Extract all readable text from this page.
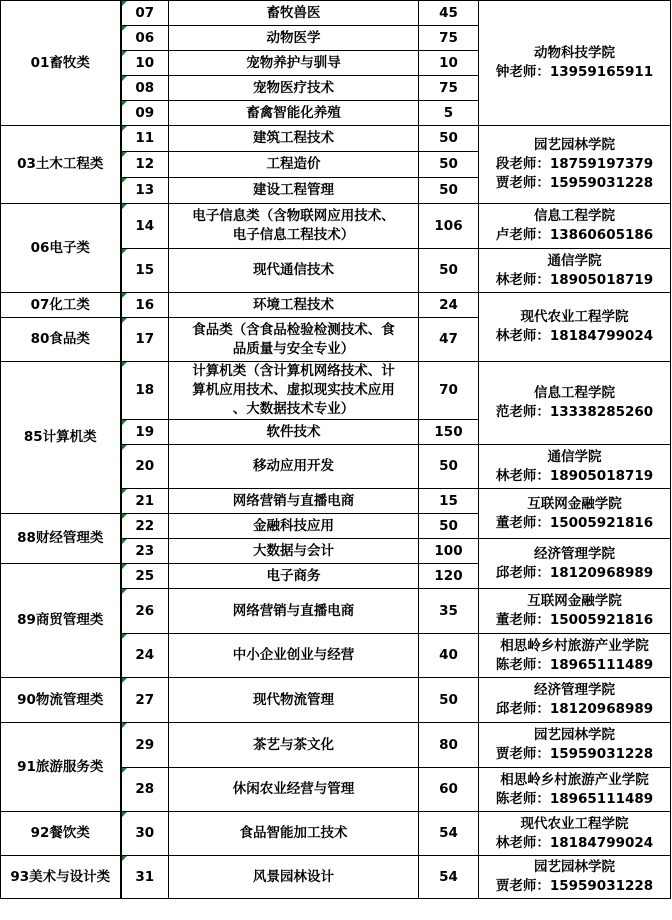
01畜牧类	07	畜牧兽医	45	动物科技学院
钟老师：13959165911

	06	动物医学	75	
	10	宠物养护与驯导	10	
	08	宠物医疗技术	75	
	09	畜禽智能化养殖	5	
03土木工程类	11	建筑工程技术	50	园艺园林学院
段老师：18759197379
贾老师：15959031228

	12	工程造价	50	
	13	建设工程管理	50	
06电子类	14	电子信息类（含物联网应用技术、
电子信息工程技术）	106	信息工程学院
卢老师：13860605186

	15	现代通信技术	50	通信学院
林老师：18905018719

07化工类	16	环境工程技术	24	现代农业工程学院
林老师：18184799024

80食品类	17	食品类（含食品检验检测技术、食
品质量与安全专业）	47	
85计算机类	18	计算机类（含计算机网络技术、计
算机应用技术、虚拟现实技术应用
、大数据技术专业）	70	信息工程学院
范老师：13338285260

	19	软件技术	150	
	20	移动应用开发	50	通信学院
林老师：18905018719

	21	网络营销与直播电商	15	互联网金融学院
董老师：15005921816

88财经管理类	22	金融科技应用	50	
	23	大数据与会计	100	经济管理学院
邱老师：18120968989

89商贸管理类	25	电子商务	120	
	26	网络营销与直播电商	35	互联网金融学院
董老师：15005921816

	24	中小企业创业与经营	40	相思岭乡村旅游产业学院
陈老师：18965111489

90物流管理类	27	现代物流管理	50	经济管理学院
邱老师：18120968989

91旅游服务类	29	茶艺与茶文化	80	园艺园林学院
贾老师：15959031228

	28	休闲农业经营与管理	60	相思岭乡村旅游产业学院
陈老师：18965111489

92餐饮类	30	食品智能加工技术	54	现代农业工程学院
林老师：18184799024

93美术与设计类	31	风景园林设计	54	园艺园林学院
贾老师：15959031228
